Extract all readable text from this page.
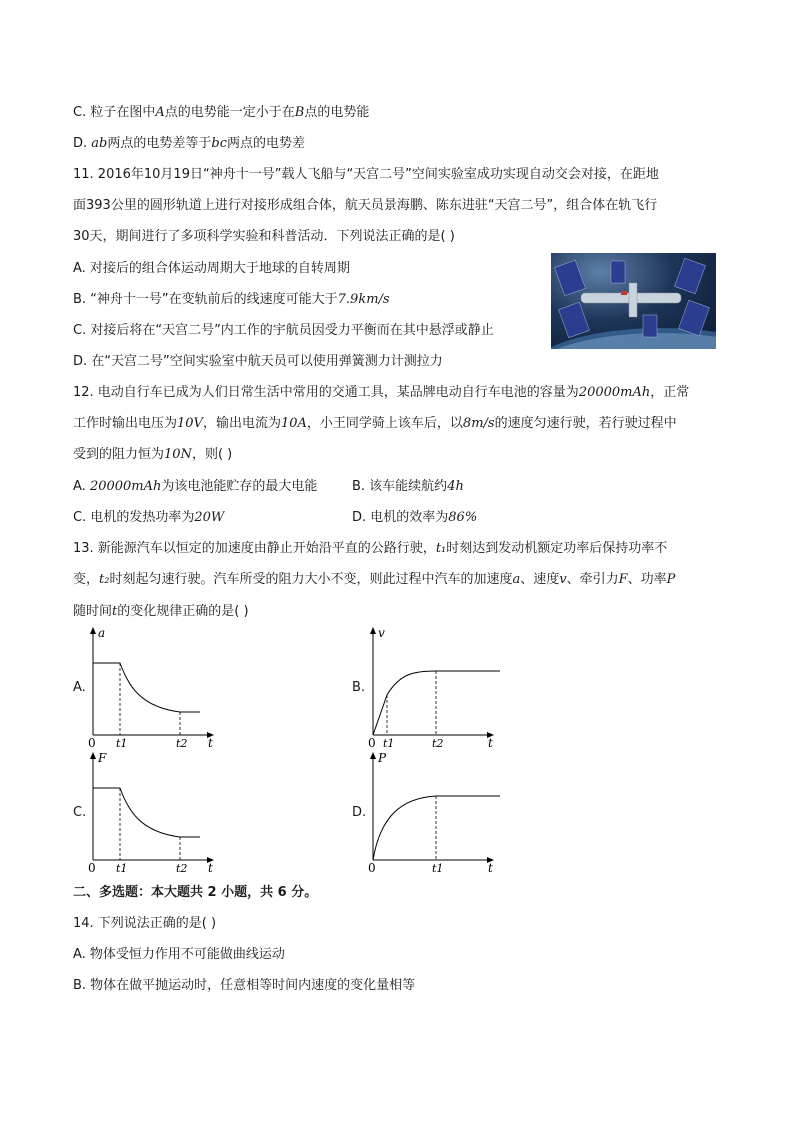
C. 粒子在图中A点的电势能一定小于在B点的电势能
D. ab两点的电势差等于bc两点的电势差
11. 2016年10月19日“神舟十一号”载人飞船与“天宫二号”空间实验室成功实现自动交会对接，在距地
面393公里的圆形轨道上进行对接形成组合体，航天员景海鹏、陈东进驻“天宫二号”，组合体在轨飞行
30天，期间进行了多项科学实验和科普活动．下列说法正确的是( )
A. 对接后的组合体运动周期大于地球的自转周期
B. “神舟十一号”在变轨前后的线速度可能大于7.9km/s
C. 对接后将在“天宫二号”内工作的宇航员因受力平衡而在其中悬浮或静止
D. 在“天宫二号”空间实验室中航天员可以使用弹簧测力计测拉力
12. 电动自行车已成为人们日常生活中常用的交通工具，某品牌电动自行车电池的容量为20000mAh，正常
工作时输出电压为10V，输出电流为10A，小王同学骑上该车后，以8m/s的速度匀速行驶，若行驶过程中
受到的阻力恒为10N，则( )
A. 20000mAh为该电池能贮存的最大电能	B. 该车能续航约4h
C. 电机的发热功率为20W	D. 电机的效率为86%
13. 新能源汽车以恒定的加速度由静止开始沿平直的公路行驶，t₁时刻达到发动机额定功率后保持功率不
变，t₂时刻起匀速行驶。汽车所受的阻力大小不变，则此过程中汽车的加速度a、速度v、牵引力F、功率P
随时间t的变化规律正确的是( )
A.
a
0 t1	t2 t
B.
v
0 t1	t2	t
C.
F
0 t1	t2 t
D.
P
0	t1	t
二、多选题：本大题共 2 小题，共 6 分。
14. 下列说法正确的是( )
A. 物体受恒力作用不可能做曲线运动
B. 物体在做平抛运动时，任意相等时间内速度的变化量相等
